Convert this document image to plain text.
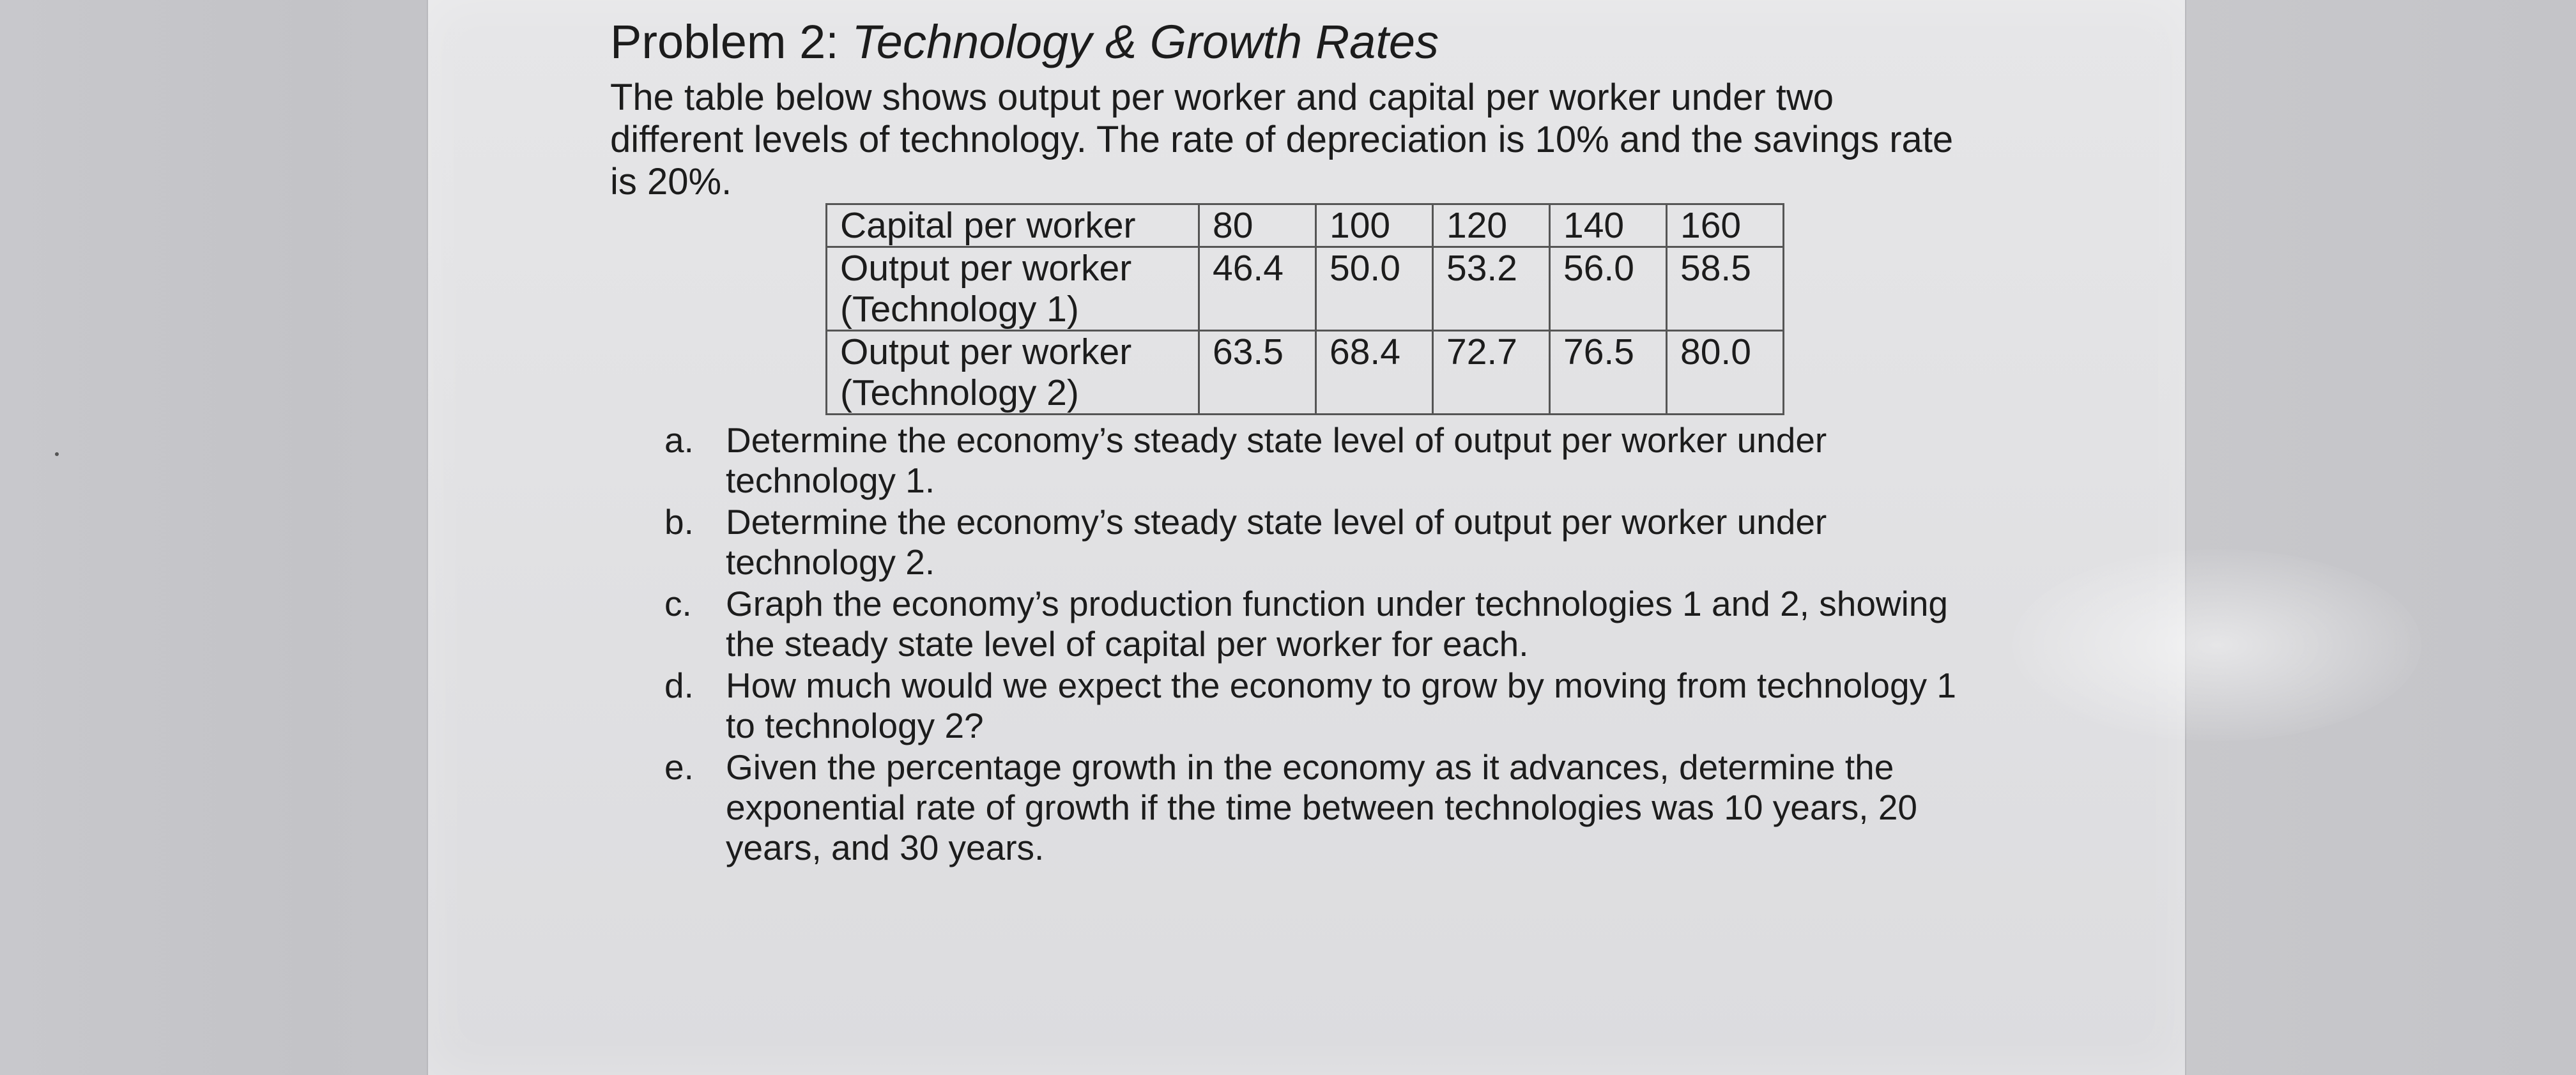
Problem 2: Technology & Growth Rates

The table below shows output per worker and capital per worker under two different levels of technology. The rate of depreciation is 10% and the savings rate is 20%.

Capital per worker	80	100	120	140	160
Output per worker (Technology 1)	46.4	50.0	53.2	56.0	58.5
Output per worker (Technology 2)	63.5	68.4	72.7	76.5	80.0
a. Determine the economy’s steady state level of output per worker under technology 1.
b. Determine the economy’s steady state level of output per worker under technology 2.
c. Graph the economy’s production function under technologies 1 and 2, showing the steady state level of capital per worker for each.
d. How much would we expect the economy to grow by moving from technology 1 to technology 2?
e. Given the percentage growth in the economy as it advances, determine the exponential rate of growth if the time between technologies was 10 years, 20 years, and 30 years.
